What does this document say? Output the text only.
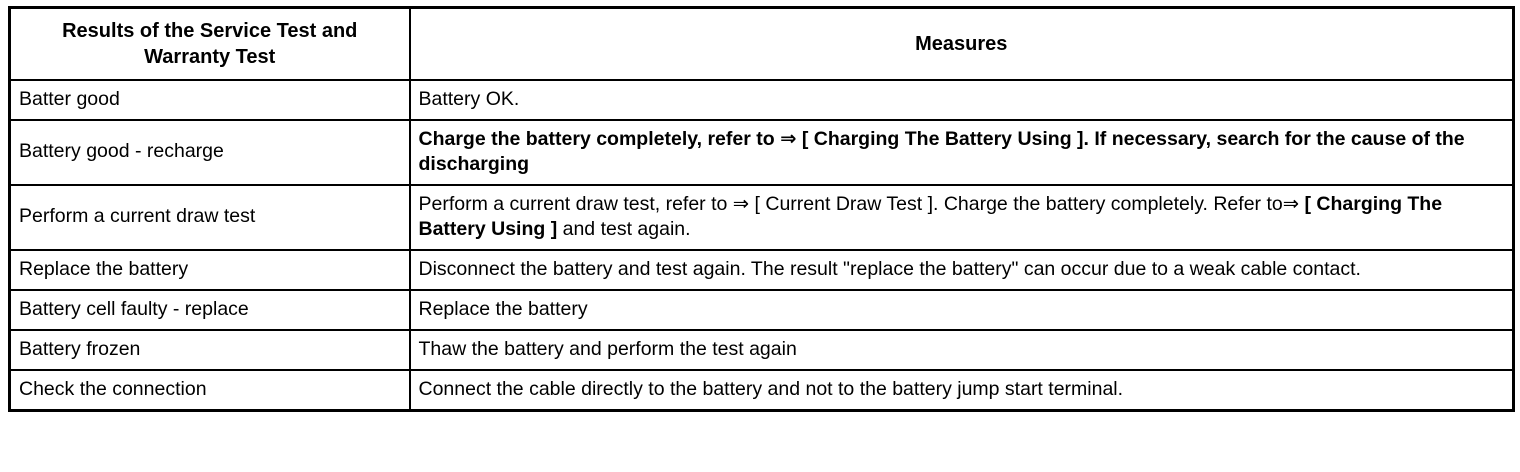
Results of the Service Test and Warranty Test	Measures
Batter good	Battery OK.
Battery good - recharge	Charge the battery completely, refer to ⇒ [ Charging The Battery Using ]. If necessary, search for the cause of the discharging
Perform a current draw test	Perform a current draw test, refer to ⇒ [ Current Draw Test ]. Charge the battery completely. Refer to⇒ [ Charging The Battery Using ] and test again.
Replace the battery	Disconnect the battery and test again. The result "replace the battery" can occur due to a weak cable contact.
Battery cell faulty - replace	Replace the battery
Battery frozen	Thaw the battery and perform the test again
Check the connection	Connect the cable directly to the battery and not to the battery jump start terminal.
